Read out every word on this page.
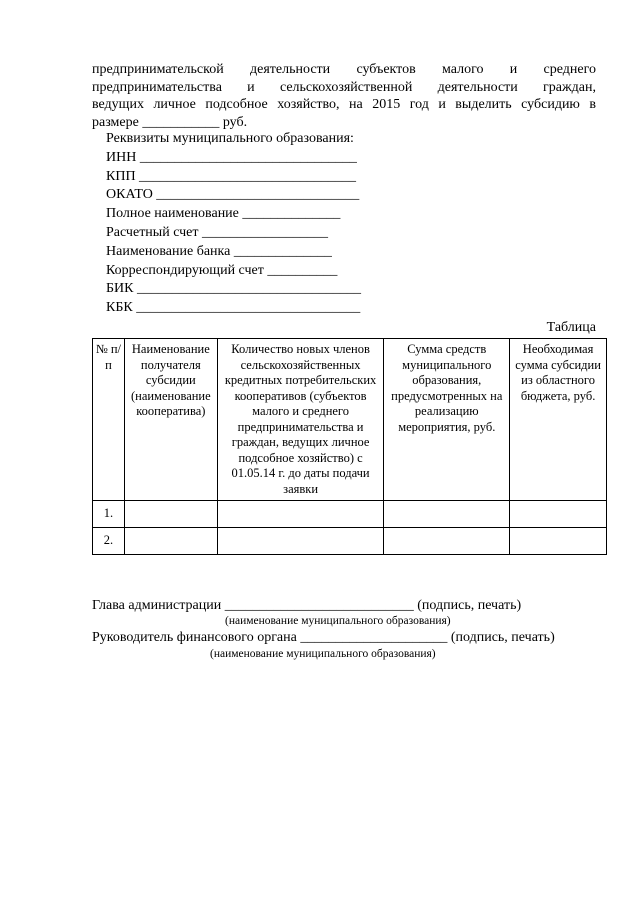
предпринимательской деятельности субъектов малого и среднего
предпринимательства и сельскохозяйственной деятельности граждан,
ведущих личное подсобное хозяйство, на 2015 год и выделить субсидию в
размере ___________ руб.
Реквизиты муниципального образования:
ИНН _______________________________
КПП _______________________________
ОКАТО _____________________________
Полное наименование ______________
Расчетный счет __________________
Наименование банка ______________
Корреспондирующий счет __________
БИК ________________________________
КБК ________________________________
Таблица
№ п/п	Наименование получателя субсидии (наименование кооператива)	Количество новых членов сельскохозяйственных кредитных потребительских кооперативов (субъектов малого и среднего предпринимательства и граждан, ведущих личное подсобное хозяйство) с 01.05.14 г. до даты подачи заявки	Сумма средств муниципального образования, предусмотренных на реализацию мероприятия, руб.	Необходимая сумма субсидии из областного бюджета, руб.
1.				
2.				
Глава администрации ___________________________ (подпись, печать)
(наименование муниципального образования)
Руководитель финансового органа _____________________ (подпись, печать)
(наименование муниципального образования)
